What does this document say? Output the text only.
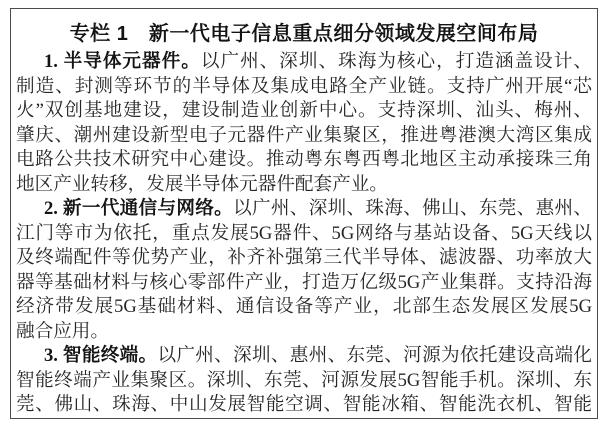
专栏 1　新一代电子信息重点细分领域发展空间布局
1. 半导体元器件。以广州、深圳、珠海为核心，打造涵盖设计、
制造、封测等环节的半导体及集成电路全产业链。支持广州开展“芯
火”双创基地建设，建设制造业创新中心。支持深圳、汕头、梅州、
肇庆、潮州建设新型电子元器件产业集聚区，推进粤港澳大湾区集成
电路公共技术研究中心建设。推动粤东粤西粤北地区主动承接珠三角
地区产业转移，发展半导体元器件配套产业。
2. 新一代通信与网络。以广州、深圳、珠海、佛山、东莞、惠州、
江门等市为依托，重点发展5G器件、5G网络与基站设备、5G天线以
及终端配件等优势产业，补齐补强第三代半导体、滤波器、功率放大
器等基础材料与核心零部件产业，打造万亿级5G产业集群。支持沿海
经济带发展5G基础材料、通信设备等产业，北部生态发展区发展5G
融合应用。
3. 智能终端。以广州、深圳、惠州、东莞、河源为依托建设高端化
智能终端产业集聚区。深圳、东莞、河源发展5G智能手机。深圳、东
莞、佛山、珠海、中山发展智能空调、智能冰箱、智能洗衣机、智能
